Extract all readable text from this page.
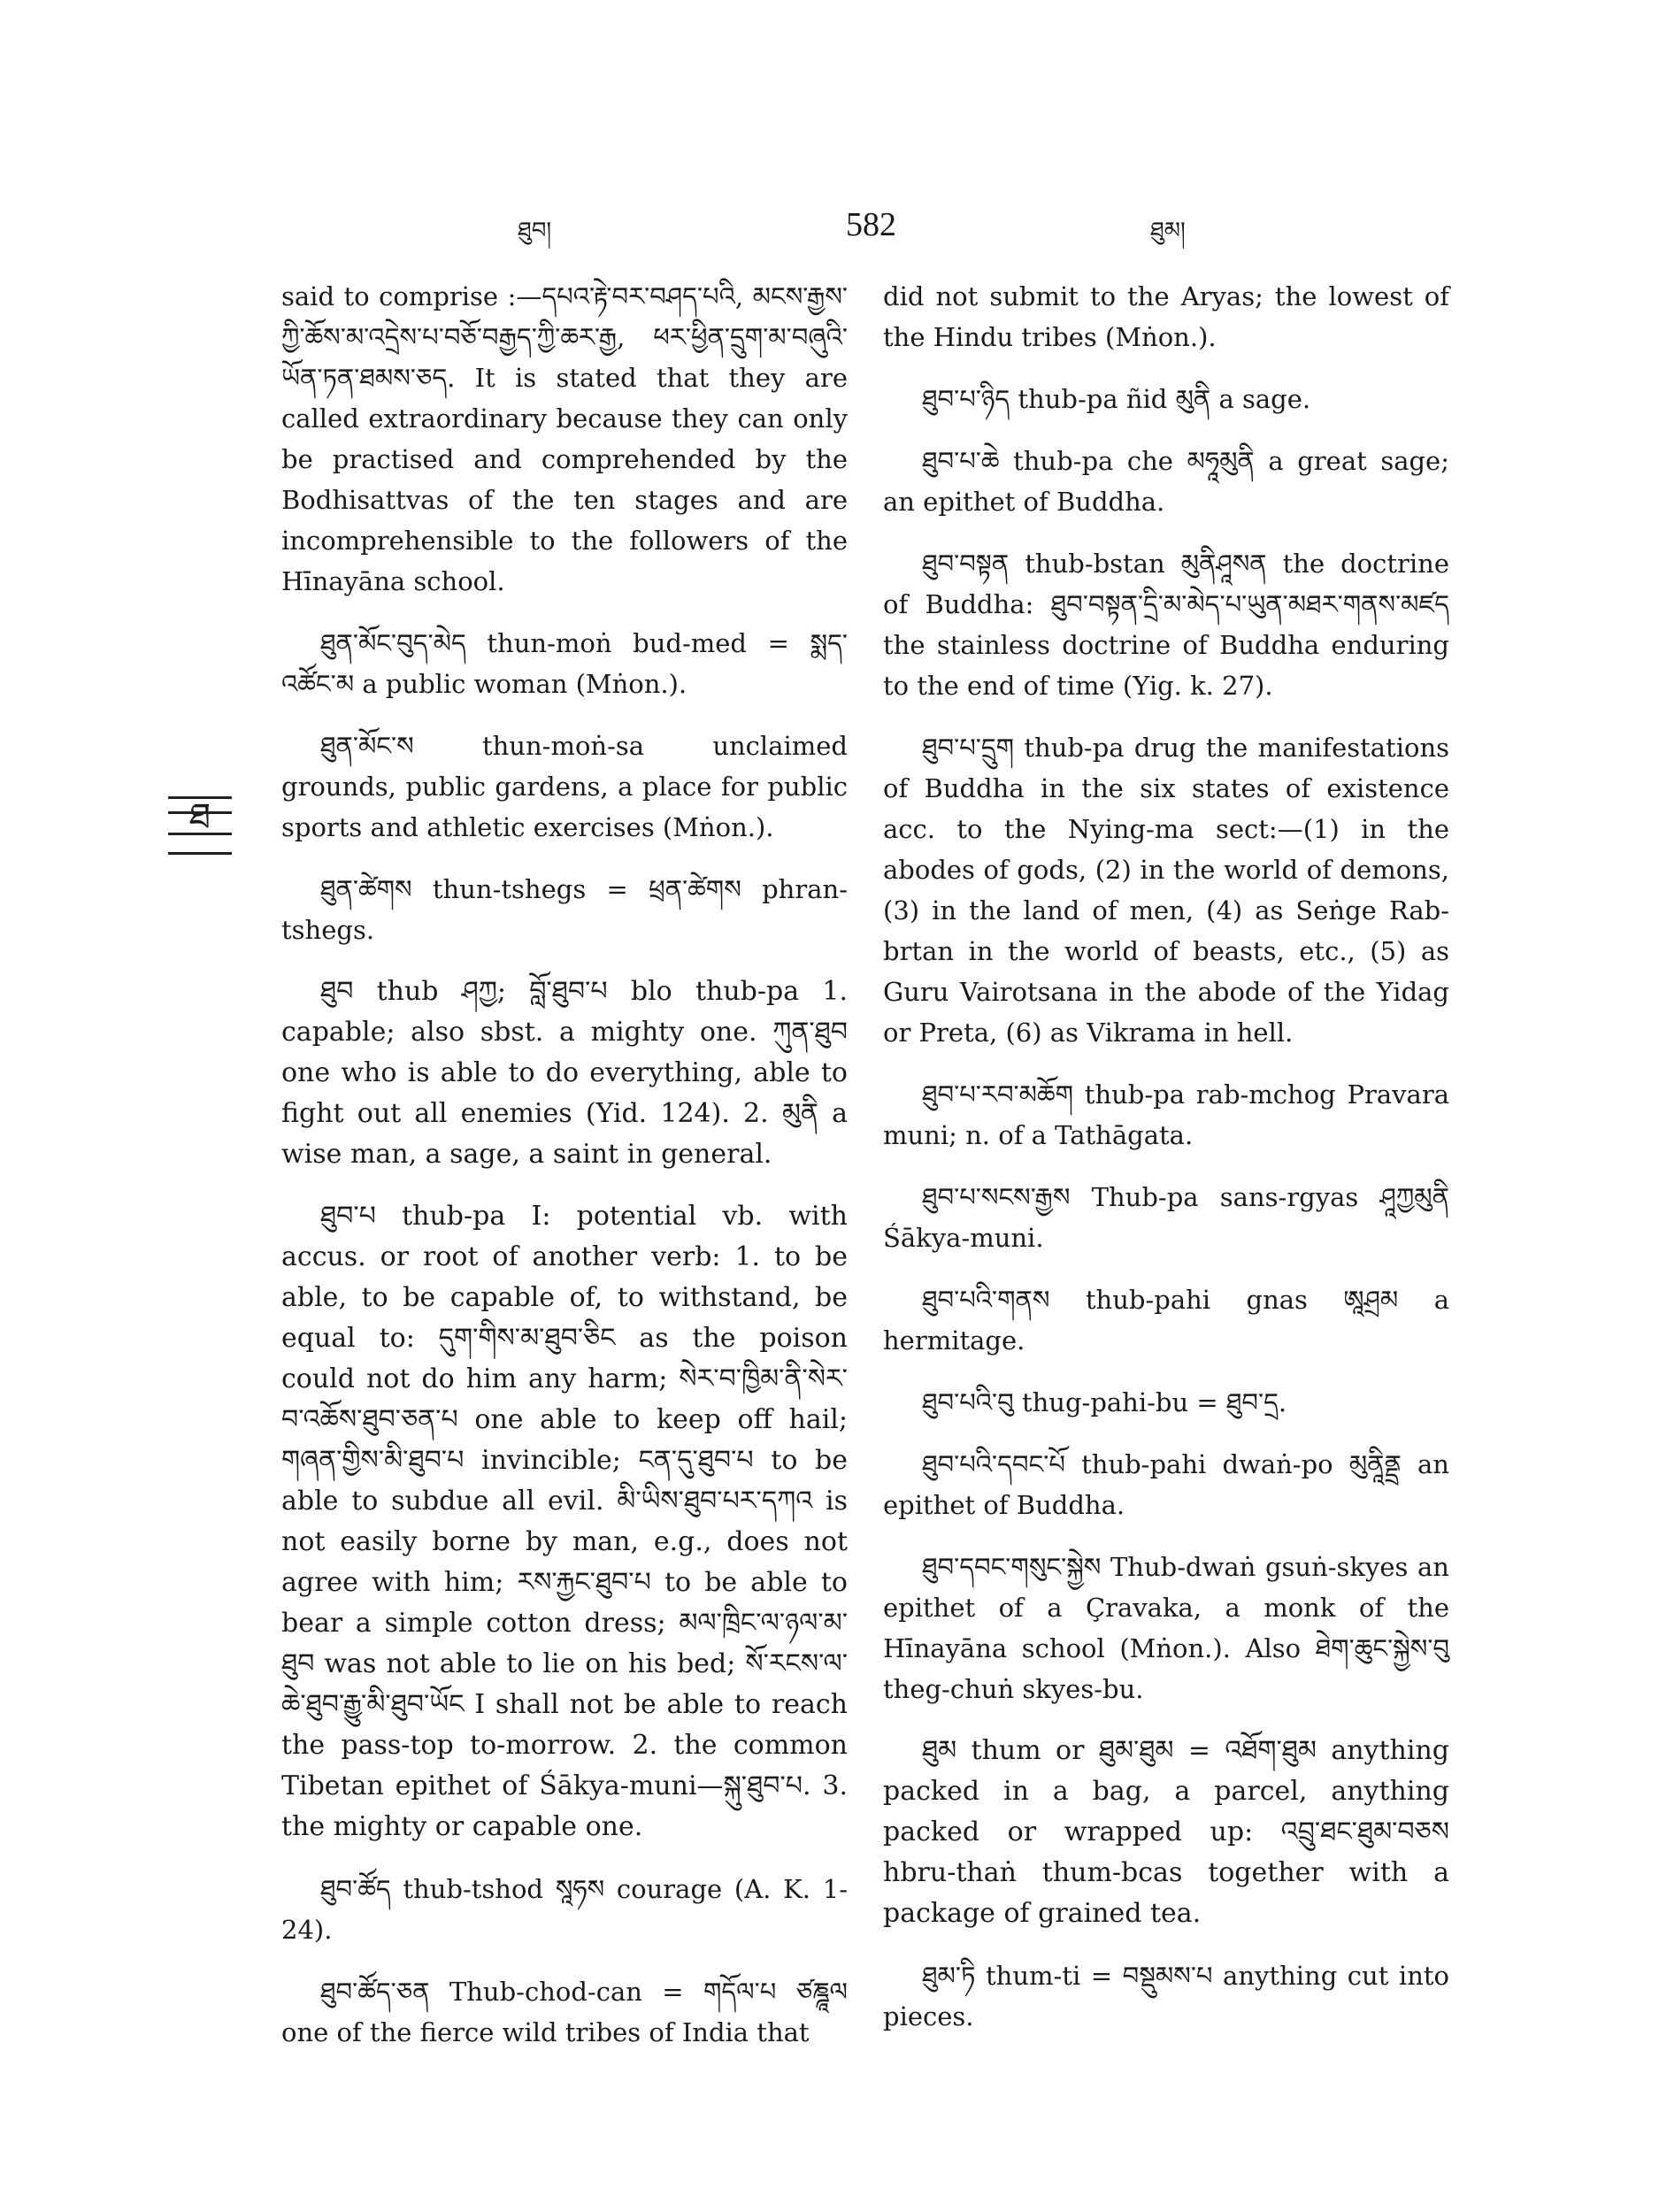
ཐུབ།	582	ཐུམ།
ཐ

said to comprise :—དཔའ་རྟེ་བར་བཤད་པའི, མངས་རྒྱས་ཀྱི་ཆོས་མ་འདྲེས་པ་བཅོ་བརྒྱད་ཀྱི་ཆར་རྒྱ, ཕར་ཕྱིན་དྲུག་མ་བཞུའི་ཡོན་ཏན་ཐམས་ཅད. It is stated that they are called extraordinary because they can only be practised and comprehended by the Bodhisattvas of the ten stages and are incomprehensible to the followers of the Hīnayāna school.

ཐུན་མོང་བུད་མེད thun-moṅ bud-med = སྨད་འཚོང་མ a public woman (Mṅon.).

ཐུན་མོང་ས thun-moṅ-sa unclaimed grounds, public gardens, a place for public sports and athletic exercises (Mṅon.).

ཐུན་ཚེགས thun-tshegs = ཕྲན་ཚེགས phran-tshegs.

ཐུབ thub ཤཀྱ; བློ་ཐུབ་པ blo thub-pa 1. capable; also sbst. a mighty one. ཀུན་ཐུབ one who is able to do everything, able to fight out all enemies (Yid. 124). 2. མུནི a wise man, a sage, a saint in general.

ཐུབ་པ thub-pa I: potential vb. with accus. or root of another verb: 1. to be able, to be capable of, to withstand, be equal to: དུག་གིས་མ་ཐུབ་ཅིང as the poison could not do him any harm; སེར་བ་ཁྱིམ་ནི་སེར་བ་འཆོས་ཐུབ་ཅན་པ one able to keep off hail; གཞན་གྱིས་མི་ཐུབ་པ invincible; ངན་དུ་ཐུབ་པ to be able to subdue all evil. མི་ཡིས་ཐུབ་པར་དཀའ is not easily borne by man, e.g., does not agree with him; རས་རྐྱང་ཐུབ་པ to be able to bear a simple cotton dress; མལ་ཁྲིང་ལ་ཉལ་མ་ཐུབ was not able to lie on his bed; སོ་རངས་ལ་ཆེ་ཐུབ་རྒྱུ་མི་ཐུབ་ཡོང I shall not be able to reach the pass-top to-morrow. 2. the common Tibetan epithet of Śākya-muni—སྐུ་ཐུབ་པ. 3. the mighty or capable one.

ཐུབ་ཚོད thub-tshod སཱཧས courage (A. K. 1-24).

ཐུབ་ཚོད་ཅན Thub-chod-can = གདོལ་པ ཙཎྜཱལ one of the fierce wild tribes of India that

did not submit to the Aryas; the lowest of the Hindu tribes (Mṅon.).

ཐུབ་པ་ཉིད thub-pa ñid མུནི a sage.

ཐུབ་པ་ཆེ thub-pa che མཧཱམུནི a great sage; an epithet of Buddha.

ཐུབ་བསྟན thub-bstan མུནིཤཱསན the doctrine of Buddha: ཐུབ་བསྟན་དྲི་མ་མེད་པ་ཡུན་མཐར་གནས་མཛད the stainless doctrine of Buddha enduring to the end of time (Yig. k. 27).

ཐུབ་པ་དྲུག thub-pa drug the manifestations of Buddha in the six states of existence acc. to the Nying-ma sect:—(1) in the abodes of gods, (2) in the world of demons, (3) in the land of men, (4) as Seṅge Rab-brtan in the world of beasts, etc., (5) as Guru Vairotsana in the abode of the Yidag or Preta, (6) as Vikrama in hell.

ཐུབ་པ་རབ་མཆོག thub-pa rab-mchog Pravara muni; n. of a Tathāgata.

ཐུབ་པ་སངས་རྒྱས Thub-pa sans-rgyas ཤཱཀྱམུནི Śākya-muni.

ཐུབ་པའི་གནས thub-pahi gnas ཨཱཤྲམ a hermitage.

ཐུབ་པའི་བུ thug-pahi-bu = ཐུབ་དྲ.

ཐུབ་པའི་དབང་པོ thub-pahi dwaṅ-po མུནཱིནྡྲ an epithet of Buddha.

ཐུབ་དབང་གསུང་སྐྱེས Thub-dwaṅ gsuṅ-skyes an epithet of a Çravaka, a monk of the Hīnayāna school (Mṅon.). Also ཐེག་ཆུང་སྐྱེས་བུ theg-chuṅ skyes-bu.

ཐུམ thum or ཐུམ་ཐུམ = འཐོག་ཐུམ anything packed in a bag, a parcel, anything packed or wrapped up: འབྲུ་ཐང་ཐུམ་བཅས hbru-thaṅ thum-bcas together with a package of grained tea.

ཐུམ་ཏི thum-ti = བསྡུམས་པ anything cut into pieces.
